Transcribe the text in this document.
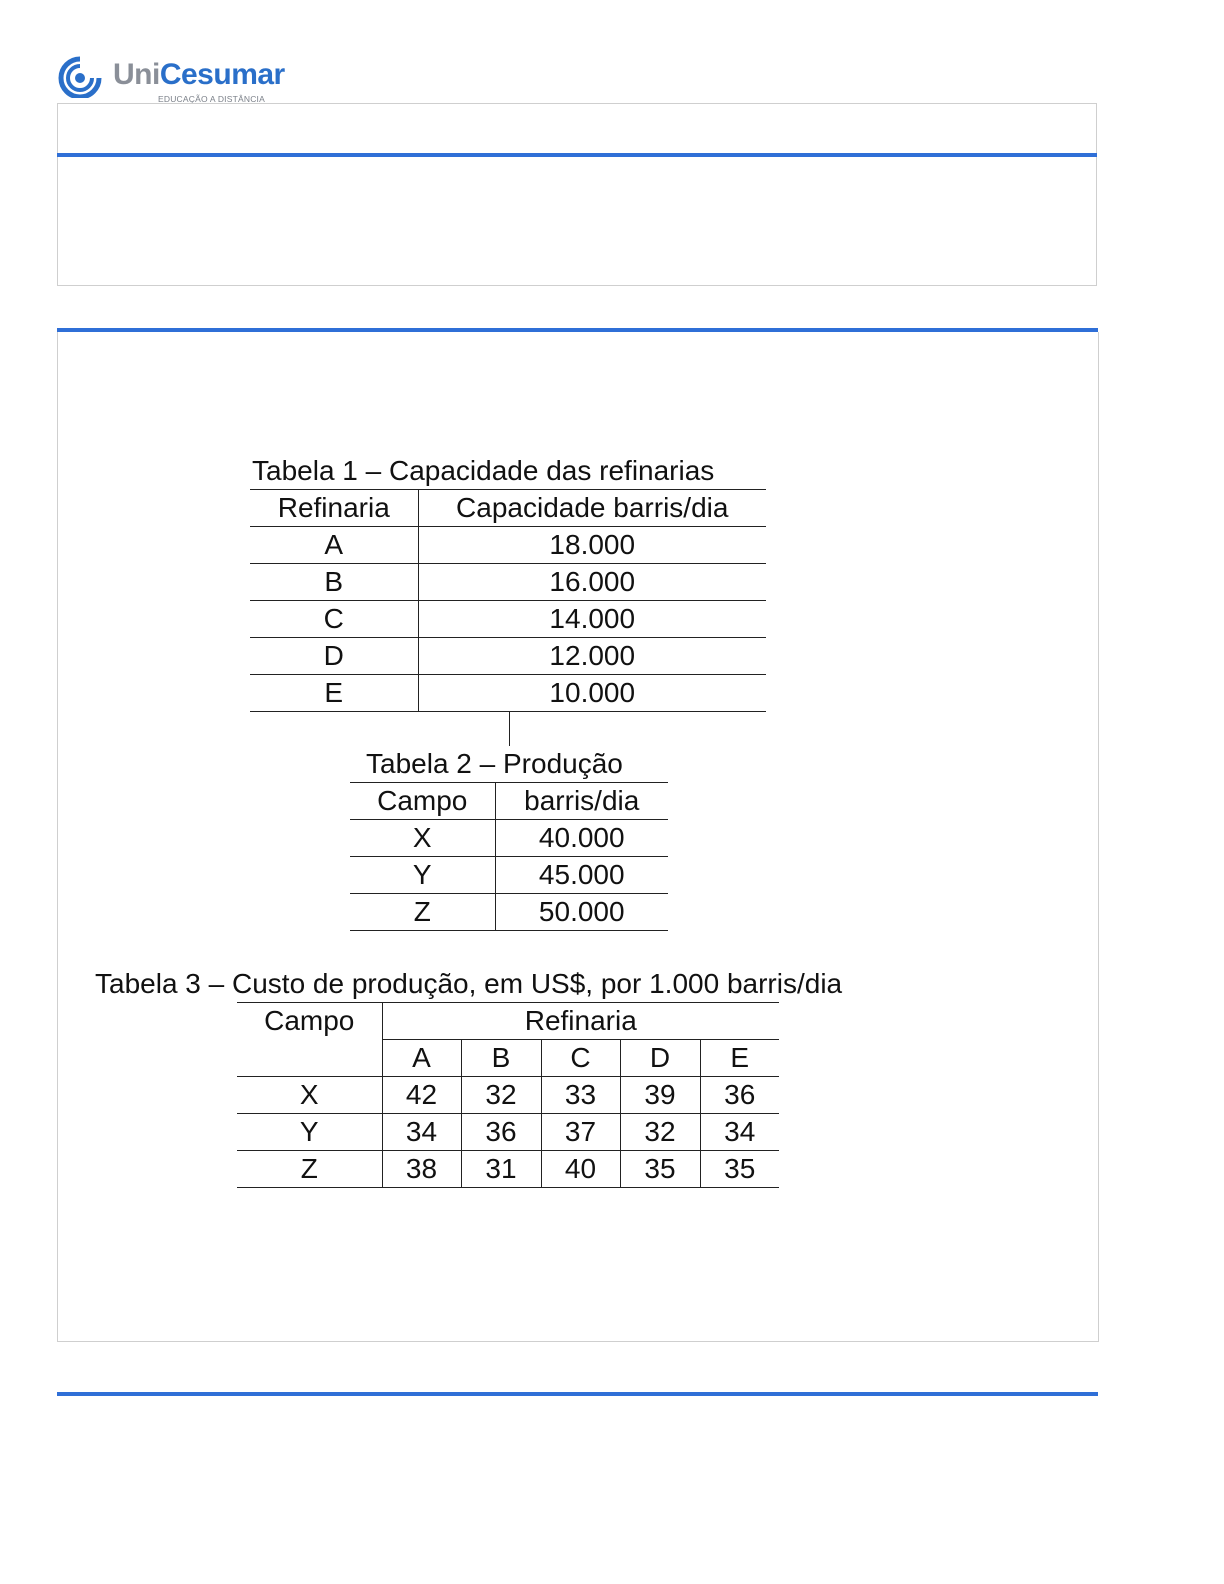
UniCesumar
EDUCAÇÃO A DISTÂNCIA
Tabela 1 – Capacidade das refinarias
Refinaria	Capacidade barris/dia
A	18.000
B	16.000
C	14.000
D	12.000
E	10.000
Tabela 2 – Produção
Campo	barris/dia
X	40.000
Y	45.000
Z	50.000
Tabela 3 – Custo de produção, em US$, por 1.000 barris/dia
Campo	Refinaria				
	A	B	C	D	E
X	42	32	33	39	36
Y	34	36	37	32	34
Z	38	31	40	35	35
